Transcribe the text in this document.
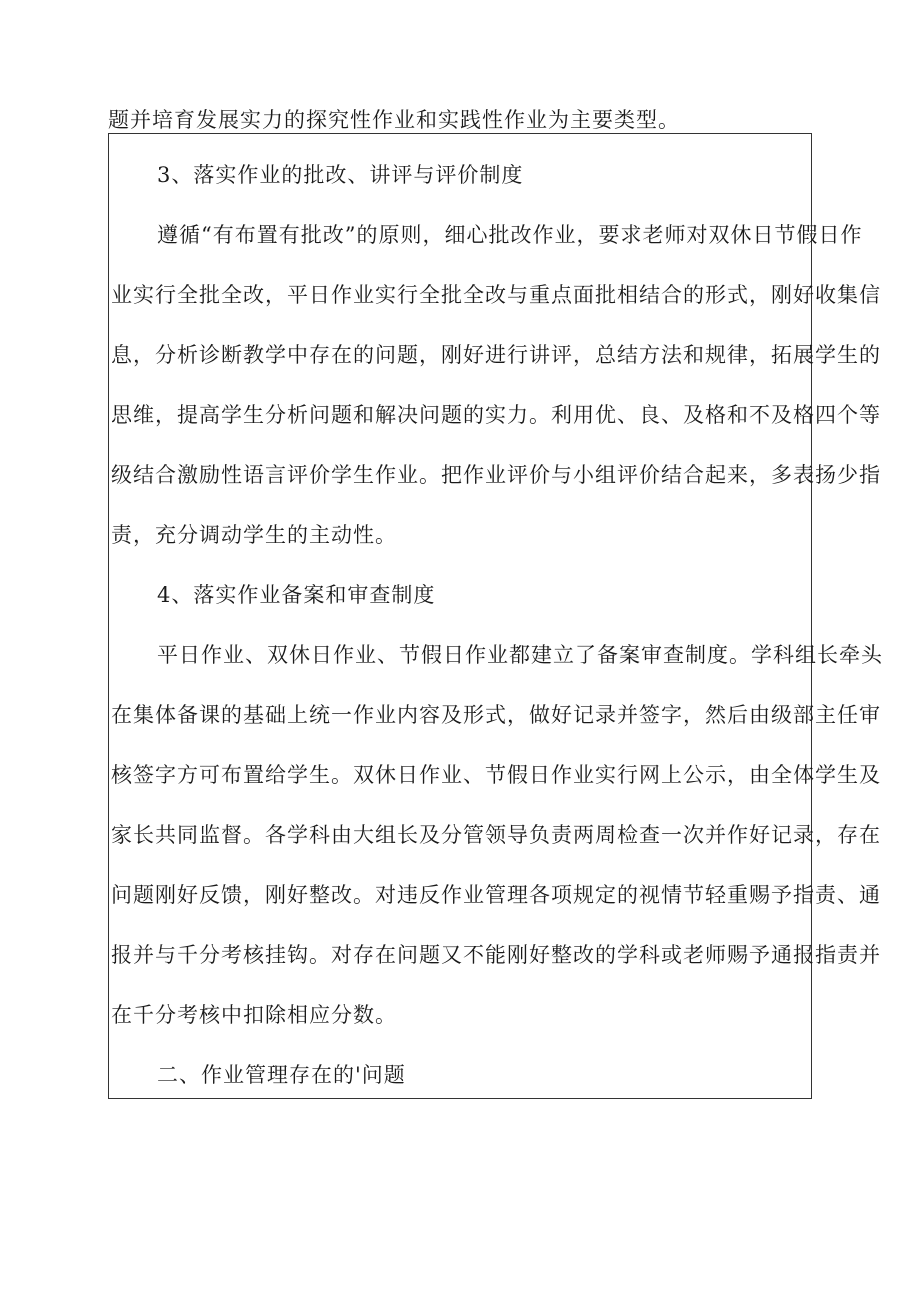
题并培育发展实力的探究性作业和实践性作业为主要类型。

3、落实作业的批改、讲评与评价制度

遵循“有布置有批改”的原则，细心批改作业，要求老师对双休日节假日作

业实行全批全改，平日作业实行全批全改与重点面批相结合的形式，刚好收集信

息，分析诊断教学中存在的问题，刚好进行讲评，总结方法和规律，拓展学生的

思维，提高学生分析问题和解决问题的实力。利用优、良、及格和不及格四个等

级结合激励性语言评价学生作业。把作业评价与小组评价结合起来，多表扬少指

责，充分调动学生的主动性。

4、落实作业备案和审查制度

平日作业、双休日作业、节假日作业都建立了备案审查制度。学科组长牵头

在集体备课的基础上统一作业内容及形式，做好记录并签字，然后由级部主任审

核签字方可布置给学生。双休日作业、节假日作业实行网上公示，由全体学生及

家长共同监督。各学科由大组长及分管领导负责两周检查一次并作好记录，存在

问题刚好反馈，刚好整改。对违反作业管理各项规定的视情节轻重赐予指责、通

报并与千分考核挂钩。对存在问题又不能刚好整改的学科或老师赐予通报指责并

在千分考核中扣除相应分数。

二、作业管理存在的'问题
